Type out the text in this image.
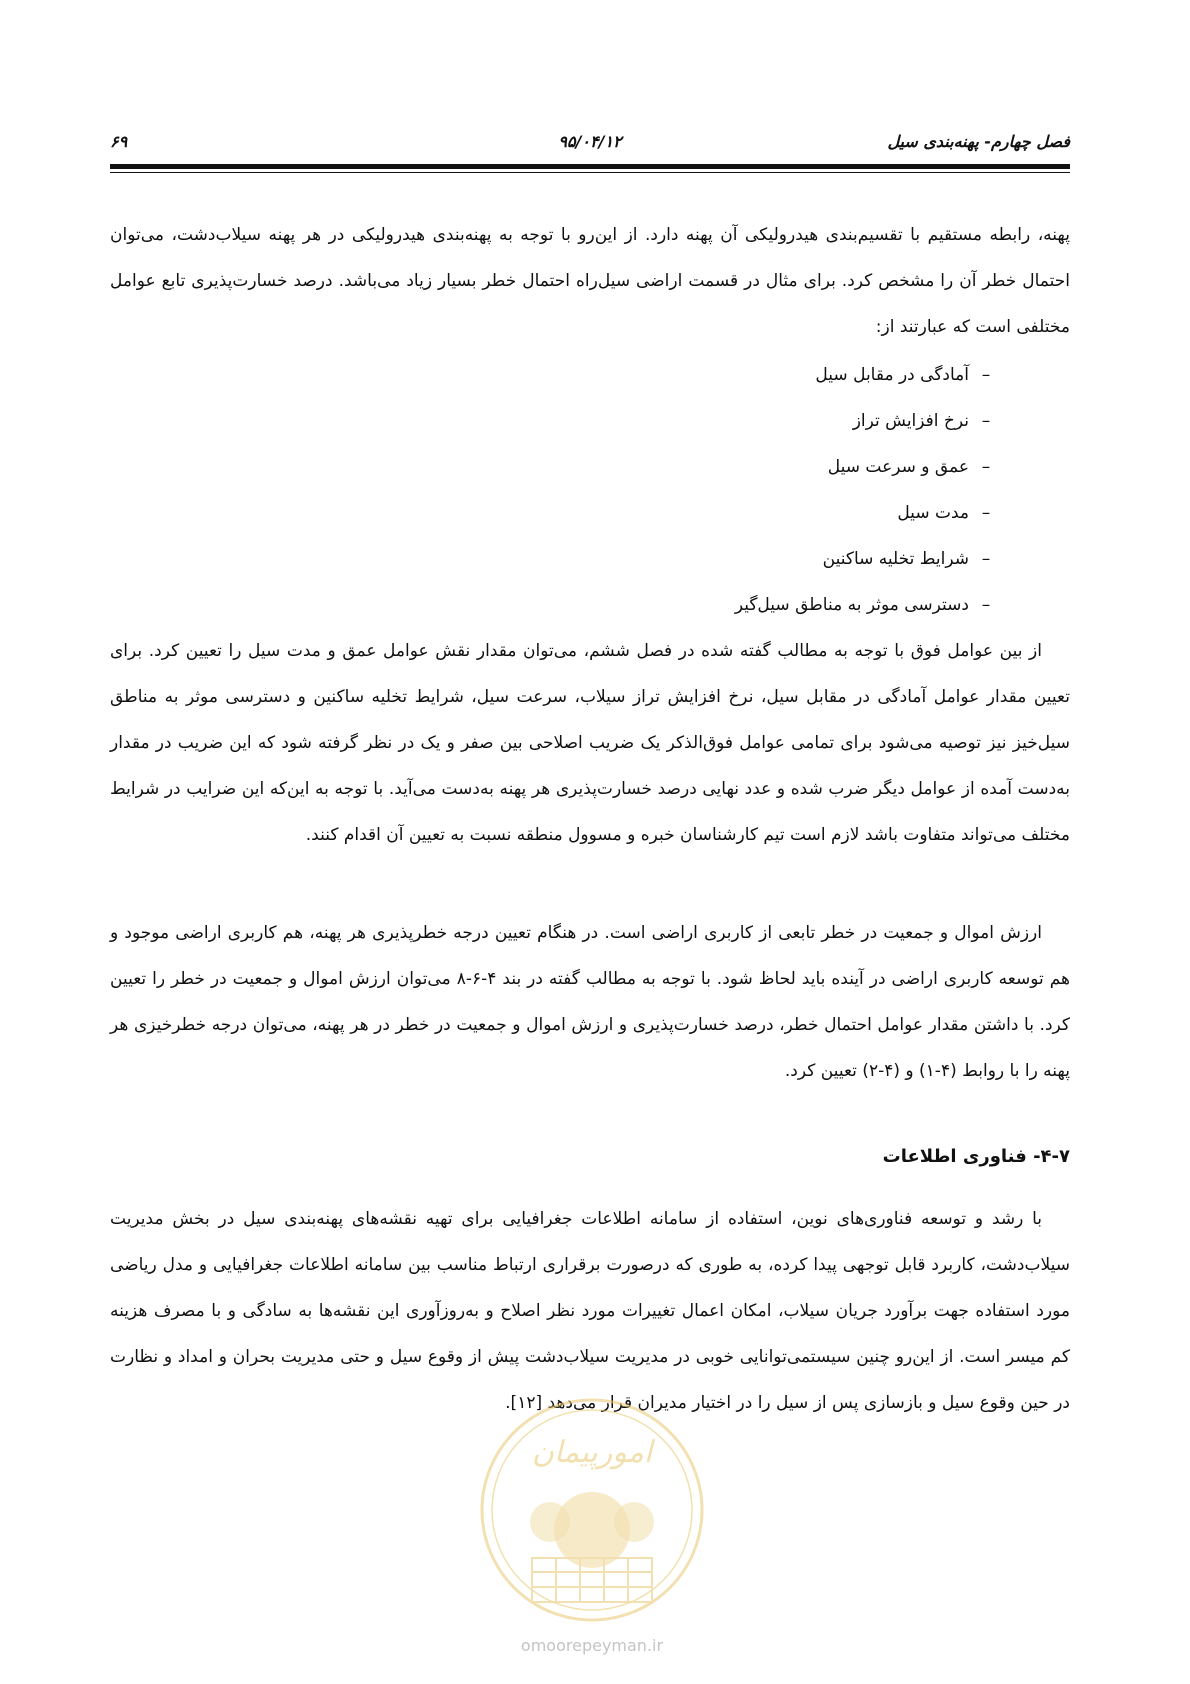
فصل چهارم- پهنه‌بندی سیل
۹۵/۰۴/۱۲
۶۹
پهنه، رابطه مستقیم با تقسیم‌بندی هیدرولیکی آن پهنه دارد. از این‌رو با توجه به پهنه‌بندی هیدرولیکی در هر پهنه سیلاب‌دشت، می‌توان احتمال خطر آن را مشخص کرد. برای مثال در قسمت اراضی سیل‌راه احتمال خطر بسیار زیاد می‌باشد. درصد خسارت‌پذیری تابع عوامل مختلفی است که عبارتند از:
–
آمادگی در مقابل سیل
–
نرخ افزایش تراز
–
عمق و سرعت سیل
–
مدت سیل
–
شرایط تخلیه ساکنین
–
دسترسی موثر به مناطق سیل‌گیر
از بین عوامل فوق با توجه به مطالب گفته شده در فصل ششم، می‌توان مقدار نقش عوامل عمق و مدت سیل را تعیین کرد. برای تعیین مقدار عوامل آمادگی در مقابل سیل، نرخ افزایش تراز سیلاب، سرعت سیل، شرایط تخلیه ساکنین و دسترسی موثر به مناطق سیل‌خیز نیز توصیه می‌شود برای تمامی عوامل فوق‌الذکر یک ضریب اصلاحی بین صفر و یک در نظر گرفته شود که این ضریب در مقدار به‌دست آمده از عوامل دیگر ضرب شده و عدد نهایی درصد خسارت‌پذیری هر پهنه به‌دست می‌آید. با توجه به این‌که این ضرایب در شرایط مختلف می‌تواند متفاوت باشد لازم است تیم کارشناسان خبره و مسوول منطقه نسبت به تعیین آن اقدام کنند.
ارزش اموال و جمعیت در خطر تابعی از کاربری اراضی است. در هنگام تعیین درجه خطرپذیری هر پهنه، هم کاربری اراضی موجود و هم توسعه کاربری اراضی در آینده باید لحاظ شود. با توجه به مطالب گفته در بند ۴-۶-۸ می‌توان ارزش اموال و جمعیت در خطر را تعیین کرد. با داشتن مقدار عوامل احتمال خطر، درصد خسارت‌پذیری و ارزش اموال و جمعیت در خطر در هر پهنه، می‌توان درجه خطرخیزی هر پهنه را با روابط (۴-۱) و (۴-۲) تعیین کرد.
۴-۷- فناوری اطلاعات
با رشد و توسعه فناوری‌های نوین، استفاده از سامانه اطلاعات جغرافیایی برای تهیه نقشه‌های پهنه‌بندی سیل در بخش مدیریت سیلاب‌دشت، کاربرد قابل توجهی پیدا کرده، به طوری که درصورت برقراری ارتباط مناسب بین سامانه اطلاعات جغرافیایی و مدل ریاضی مورد استفاده جهت برآورد جریان سیلاب، امکان اعمال تغییرات مورد نظر اصلاح و به‌روزآوری این نقشه‌ها به سادگی و با مصرف هزینه کم میسر است. از این‌رو چنین سیستمی‌توانایی خوبی در مدیریت سیلاب‌دشت پیش از وقوع سیل و حتی مدیریت بحران و امداد و نظارت در حین وقوع سیل و بازسازی پس از سیل را در اختیار مدیران قرار می‌دهد [۱۲].
امورپیمان
omoorepeyman.ir
